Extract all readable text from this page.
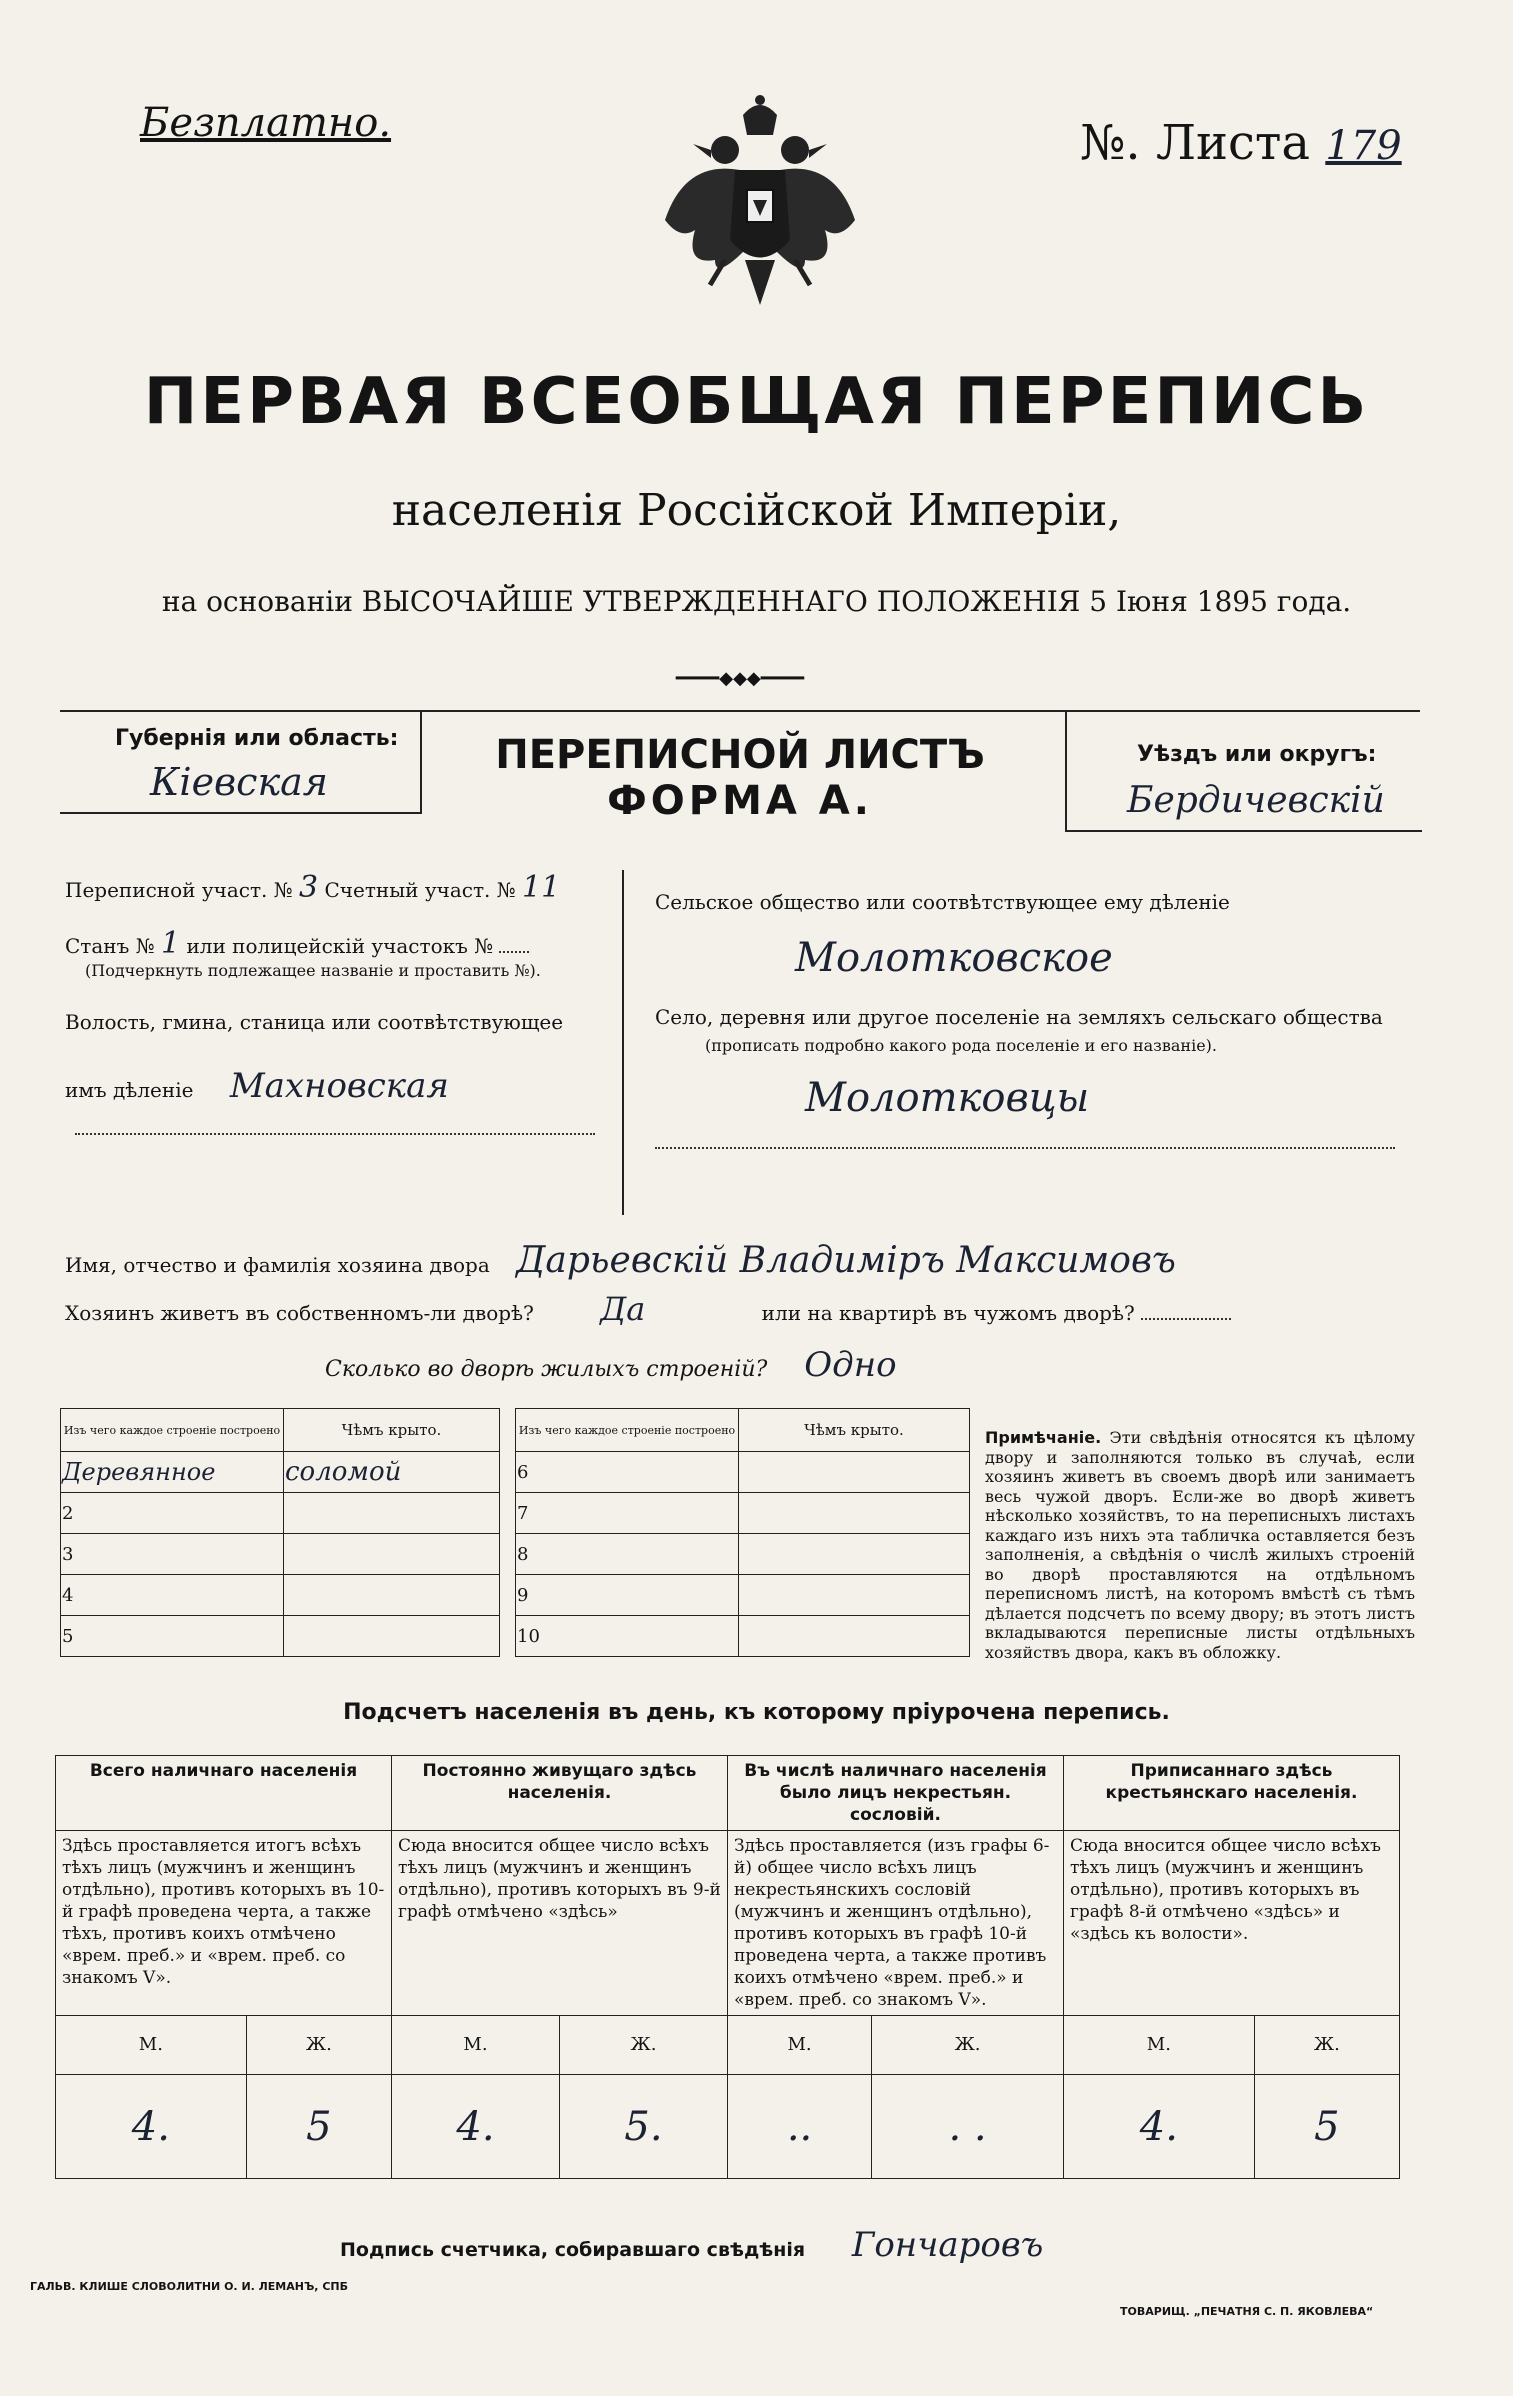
Безплатно.	№. Листа 179
ПЕРВАЯ ВСЕОБЩАЯ ПЕРЕПИСЬ
населенія Россійской Имперіи,
на основаніи ВЫСОЧАЙШЕ УТВЕРЖДЕННАГО ПОЛОЖЕНІЯ 5 Іюня 1895 года.
━━━━◆◆◆━━━━
Губернія или область:
Кіевская
ПЕРЕПИСНОЙ ЛИСТЪ
ФОРМА А.
Уѣздъ или округъ:
Бердичевскій
Переписной участ. № 3 Счетный участ. № 11
Станъ № 1 или полицейскій участокъ №
(Подчеркнуть подлежащее названіе и проставить №).
Волость, гмина, станица или соотвѣтствующее
имъ дѣленіе Махновская
Сельское общество или соотвѣтствующее ему дѣленіе
Молотковское
Село, деревня или другое поселеніе на земляхъ сельскаго общества
(прописать подробно какого рода поселеніе и его названіе).
Молотковцы
Имя, отчество и фамилія хозяина двора Дарьевскій Владиміръ Максимовъ
Хозяинъ живетъ въ собственномъ-ли дворѣ? Да	или на квартирѣ въ чужомъ дворѣ?
Сколько во дворѣ жилыхъ строеній? Одно
Изъ чего каждое строеніе построено	Чѣмъ крыто.
Деревянное	соломой
2	
3	
4	
5	
Изъ чего каждое строеніе построено	Чѣмъ крыто.
6	
7	
8	
9	
10	
Примѣчаніе. Эти свѣдѣнія относятся къ цѣлому двору и заполняются только въ случаѣ, если хозяинъ живетъ въ своемъ дворѣ или занимаетъ весь чужой дворъ. Если-же во дворѣ живетъ нѣсколько хозяйствъ, то на переписныхъ листахъ каждаго изъ нихъ эта табличка оставляется безъ заполненія, а свѣдѣнія о числѣ жилыхъ строеній во дворѣ проставляются на отдѣльномъ переписномъ листѣ, на которомъ вмѣстѣ съ тѣмъ дѣлается подсчетъ по всему двору; въ этотъ листъ вкладываются переписные листы отдѣльныхъ хозяйствъ двора, какъ въ обложку.
Подсчетъ населенія въ день, къ которому пріурочена перепись.
Всего наличнаго населенія		Постоянно живущаго здѣсь населенія.		Въ числѣ наличнаго населенія было лицъ некрестьян. сословій.		Приписаннаго здѣсь крестьянскаго населенія.	
Здѣсь проставляется итогъ всѣхъ тѣхъ лицъ (мужчинъ и женщинъ отдѣльно), противъ которыхъ въ 10-й графѣ проведена черта, а также тѣхъ, противъ коихъ отмѣчено «врем. преб.» и «врем. преб. со знакомъ V».		Сюда вносится общее число всѣхъ тѣхъ лицъ (мужчинъ и женщинъ отдѣльно), противъ которыхъ въ 9-й графѣ отмѣчено «здѣсь»		Здѣсь проставляется (изъ графы 6-й) общее число всѣхъ лицъ некрестьянскихъ сословій (мужчинъ и женщинъ отдѣльно), противъ которыхъ въ графѣ 10-й проведена черта, а также противъ коихъ отмѣчено «врем. преб.» и «врем. преб. со знакомъ V».		Сюда вносится общее число всѣхъ тѣхъ лицъ (мужчинъ и женщинъ отдѣльно), противъ которыхъ въ графѣ 8-й отмѣчено «здѣсь» и «здѣсь къ волости».	
М.	Ж.	М.	Ж.	М.	Ж.	М.	Ж.
4.	5	4.	5.	..	. .	4.	5
Подпись счетчика, собиравшаго свѣдѣнія Гончаровъ
ГАЛЬВ. КЛИШЕ СЛОВОЛИТНИ О. И. ЛЕМАНЪ, СПБ
ТОВАРИЩ. „ПЕЧАТНЯ С. П. ЯКОВЛЕВА“
